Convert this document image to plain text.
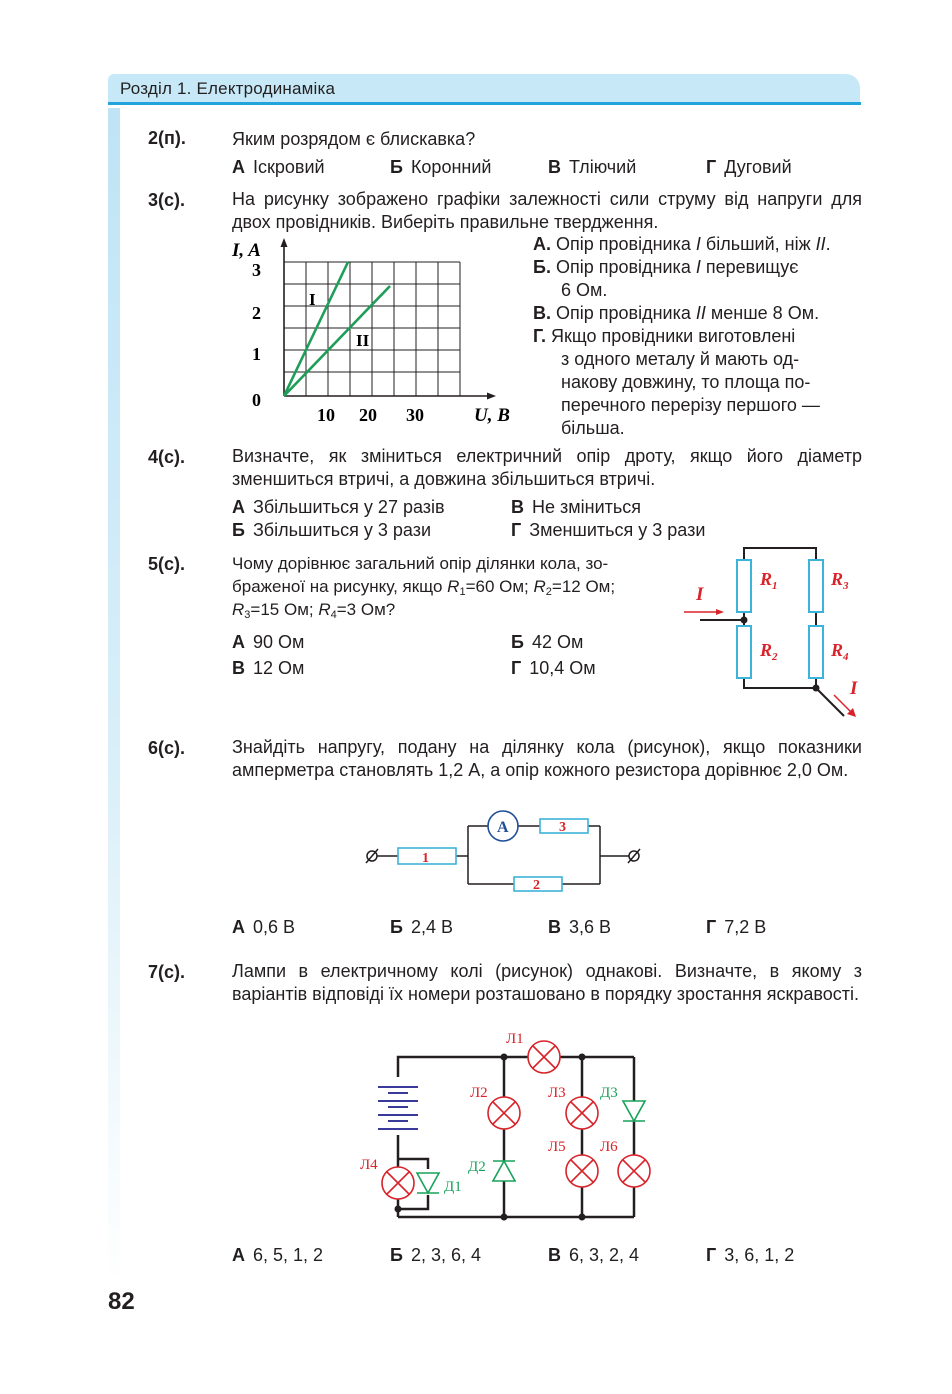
Розділ 1. Електродинаміка
2(п).	Яким розрядом є блискавка?
А Іскровий	Б Коронний	В Тліючий	Г Дуговий
3(с).	На рисунку зображено графіки залежності сили струму від напруги для двох провідників. Виберіть правильне твердження.
I, A
3
2
1
0
10 20 30	U, B
I
II
А. Опір провідника I більший, ніж II.
Б. Опір провідника I перевищує
6 Ом.
В. Опір провідника II менше 8 Ом.
Г. Якщо провідники виготовлені
з одного металу й мають од-
накову довжину, то площа по-
перечного перерізу першого —
більша.
4(с).	Визначте, як зміниться електричний опір дроту, якщо його діаметр зменшиться втричі, а довжина збільшиться втричі.
А Збільшиться у 27 разів	В Не зміниться
Б Збільшиться у 3 рази	Г Зменшиться у 3 рази
5(с).	Чому дорівнює загальний опір ділянки кола, зо-
браженої на рисунку, якщо $R_1=60$ Ом; $R_2=12$ Ом;
$R_3=15$ Ом; $R_4=3$ Ом?
А 90 Ом	Б 42 Ом
В 12 Ом	Г 10,4 Ом
I
I
$R_1$
$R_2$
$R_3$
$R_4$
6(с).	Знайдіть напругу, подану на ділянку кола (рисунок), якщо показники амперметра становлять 1,2 А, а опір кожного резистора дорівнює 2,0 Ом.
A
1
3
2
А 0,6 В	Б 2,4 В	В 3,6 В	Г 7,2 В
7(с).	Лампи в електричному колі (рисунок) однакові. Визначте, в якому з варіантів відповіді їх номери розташовано в порядку зростання яскравості.
Л1
Л2	Л3
Л4
Л5 Л6
Д1
Д2
Д3
А 6, 5, 1, 2	Б 2, 3, 6, 4	В 6, 3, 2, 4	Г 3, 6, 1, 2
82
